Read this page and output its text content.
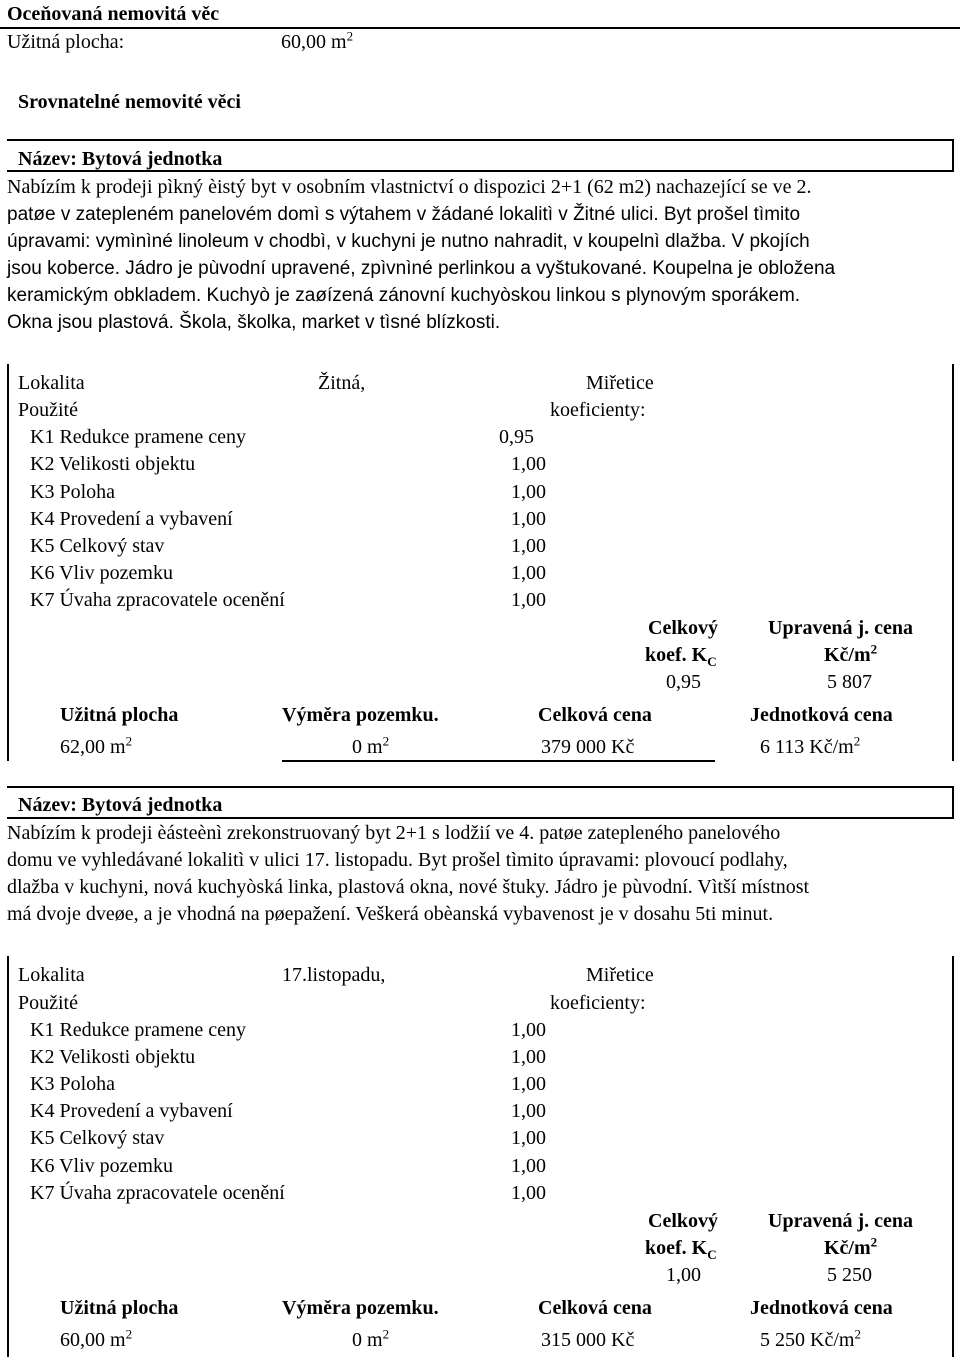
Oceňovaná nemovitá věc
Užitná plocha:	60,00 $m^2$
Srovnatelné nemovité věci
Název: Bytová jednotka
Nabízím k prodeji pìkný èistý byt v osobním vlastnictví o dispozici 2+1 (62 m2) nachazející se ve 2.
patøe v zatepleném panelovém domì s výtahem v žádané lokalitì v Žitné ulici. Byt prošel tìmito
úpravami: vymìnìné linoleum v chodbì, v kuchyni je nutno nahradit, v koupelnì dlažba. V pkojích
jsou koberce. Jádro je pùvodní upravené, zpìvnìné perlinkou a vyštukované. Koupelna je obložena
keramickým obkladem. Kuchyò je zaøízená zánovní kuchyòskou linkou s plynovým sporákem.
Okna jsou plastová. Škola, školka, market v tìsné blízkosti.
Lokalita	Žitná,	Miřetice
Použité	koeficienty:
K1 Redukce pramene ceny	0,95
K2 Velikosti objektu	1,00
K3 Poloha	1,00
K4 Provedení a vybavení	1,00
K5 Celkový stav	1,00
K6 Vliv pozemku	1,00
K7 Úvaha zpracovatele ocenění	1,00
Celkový	Upravená j. cena
koef. $K_C$	$Kč/m^2$
0,95	5 807
Užitná plocha	Výměra pozemku.	Celková cena	Jednotková cena
62,00 $m^2$	0 $m^2$	379 000 Kč	6 113 $Kč/m^2$
Název: Bytová jednotka
Nabízím k prodeji èásteènì zrekonstruovaný byt 2+1 s lodžií ve 4. patøe zatepleného panelového
domu ve vyhledávané lokalitì v ulici 17. listopadu. Byt prošel tìmito úpravami: plovoucí podlahy,
dlažba v kuchyni, nová kuchyòská linka, plastová okna, nové štuky. Jádro je pùvodní. Vìtší místnost
má dvoje dveøe, a je vhodná na pøepažení. Veškerá obèanská vybavenost je v dosahu 5ti minut.
Lokalita	17.listopadu,	Miřetice
Použité	koeficienty:
K1 Redukce pramene ceny	1,00
K2 Velikosti objektu	1,00
K3 Poloha	1,00
K4 Provedení a vybavení	1,00
K5 Celkový stav	1,00
K6 Vliv pozemku	1,00
K7 Úvaha zpracovatele ocenění	1,00
Celkový	Upravená j. cena
koef. $K_C$	$Kč/m^2$
1,00	5 250
Užitná plocha	Výměra pozemku.	Celková cena	Jednotková cena
60,00 $m^2$	0 $m^2$	315 000 Kč	5 250 $Kč/m^2$
